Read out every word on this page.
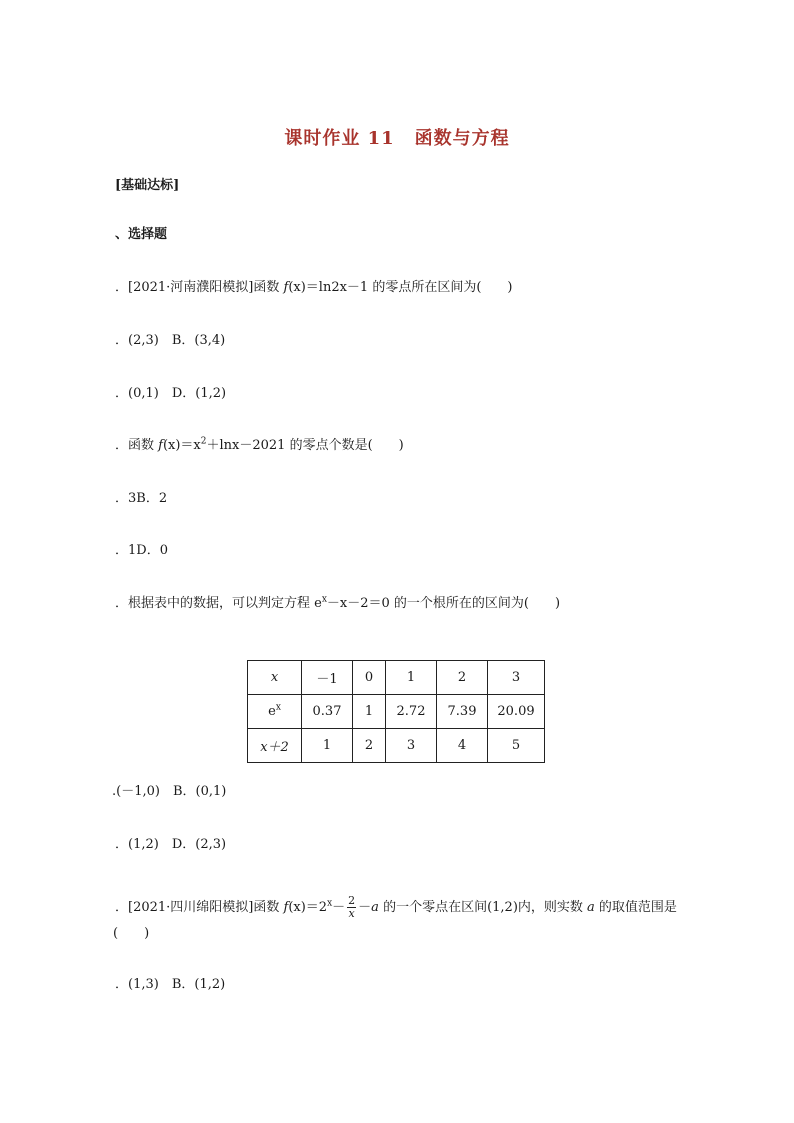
课时作业 11 函数与方程
[基础达标]
、选择题
．[2021·河南濮阳模拟]函数 f(x)＝ln2x－1 的零点所在区间为(　　)
．(2,3)　B．(3,4)
．(0,1)　D．(1,2)
．函数 $f(x)=x^2+\ln x-2021$ 的零点个数是(　　)
．3B．2
．1D．0
．根据表中的数据，可以判定方程 $e^x-x-2=0$ 的一个根所在的区间为(　　)
x	－1	0	1	2	3
$e^x$	0.37	1	2.72	7.39	20.09
x＋2	1	2	3	4	5
.(－1,0)　B．(0,1)
．(1,2)　D．(2,3)
．[2021·四川绵阳模拟]函数 $f(x)=2^x- \frac{2}{x} -a$ 的一个零点在区间(1,2)内，则实数 a 的取值范围是
(　　)
．(1,3)　B．(1,2)
